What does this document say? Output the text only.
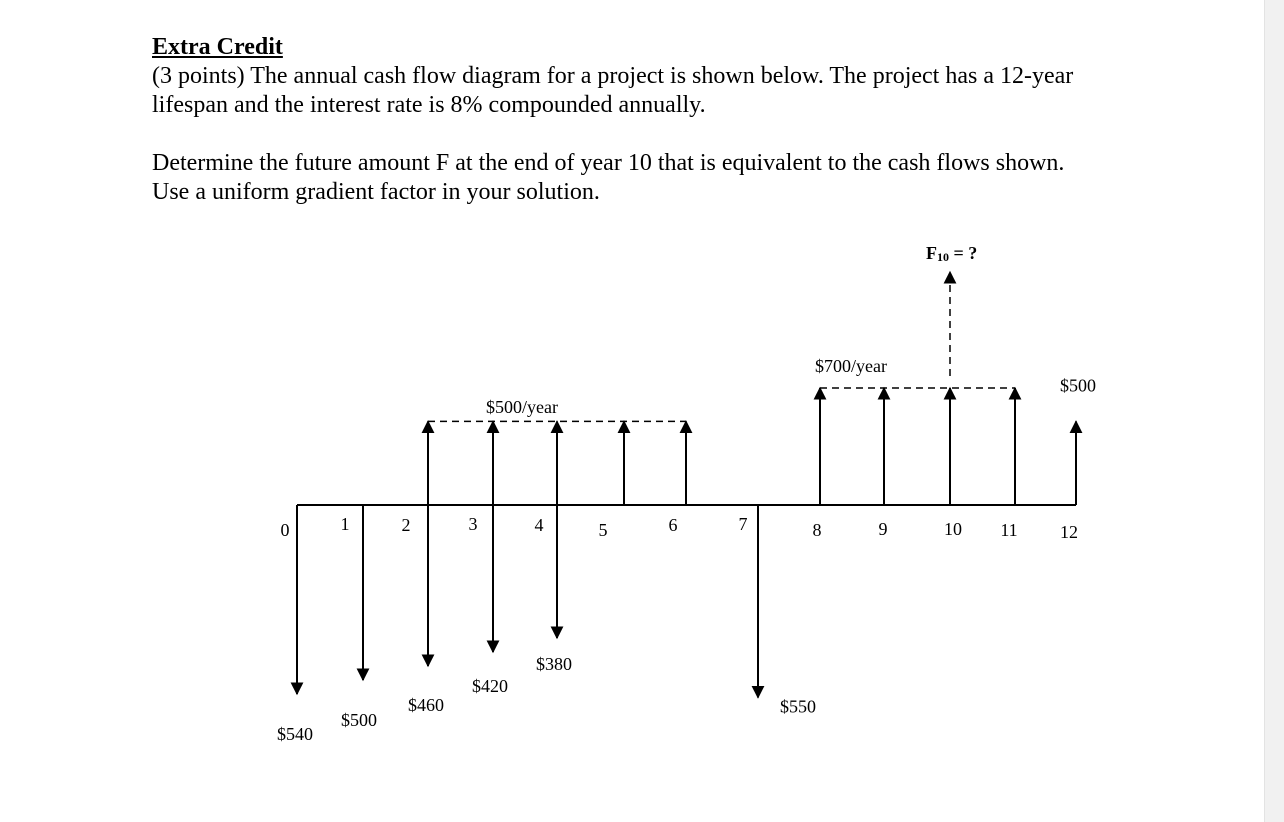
Extra Credit

(3 points) The annual cash flow diagram for a project is shown below. The project has a 12-year

lifespan and the interest rate is 8% compounded annually.

Determine the future amount F at the end of year 10 that is equivalent to the cash flows shown.

Use a uniform gradient factor in your solution.

0	1	2	3	4	5	6	7	8	9	10 11 12
$540
$500
$460
$420
$380
$550
$500
$500/year
$700/year
F10 = ?
